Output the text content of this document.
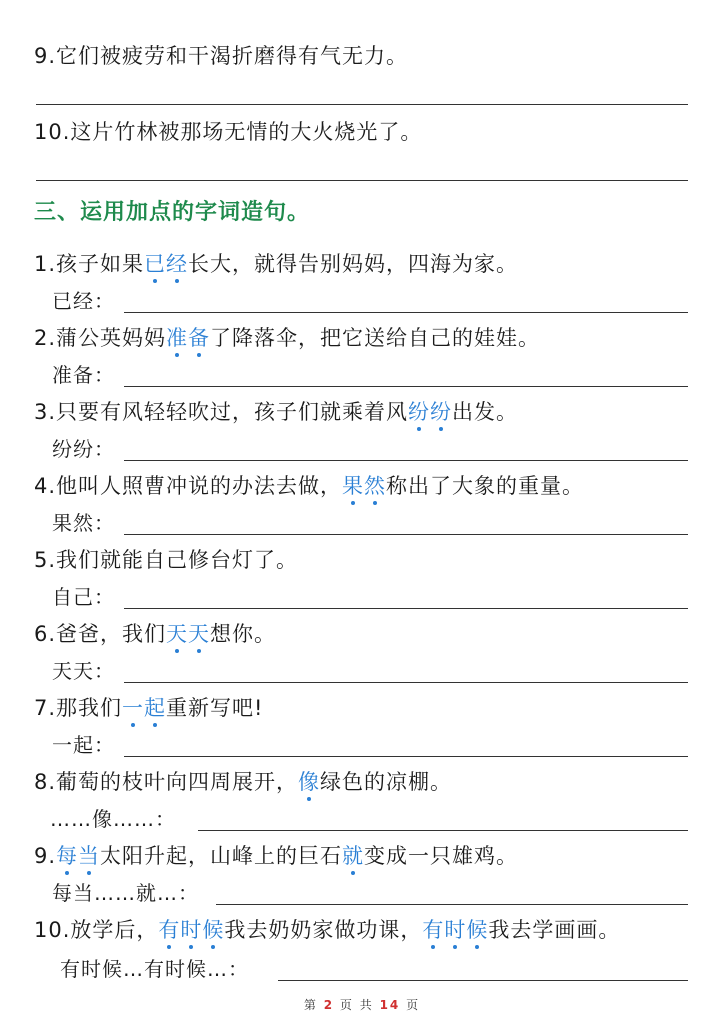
9.它们被疲劳和干渴折磨得有气无力。
10.这片竹林被那场无情的大火烧光了。
三、运用加点的字词造句。
1.孩子如果已经长大，就得告别妈妈，四海为家。
已经：
2.蒲公英妈妈准备了降落伞，把它送给自己的娃娃。
准备：
3.只要有风轻轻吹过，孩子们就乘着风纷纷出发。
纷纷：
4.他叫人照曹冲说的办法去做，果然称出了大象的重量。
果然：
5.我们就能自己修台灯了。
自己：
6.爸爸，我们天天想你。
天天：
7.那我们一起重新写吧!
一起：
8.葡萄的枝叶向四周展开，像绿色的凉棚。
……像……：
9.每当太阳升起，山峰上的巨石就变成一只雄鸡。
每当……就…：
10.放学后，有时候我去奶奶家做功课，有时候我去学画画。
有时候…有时候…：
第 2 页 共 14 页
